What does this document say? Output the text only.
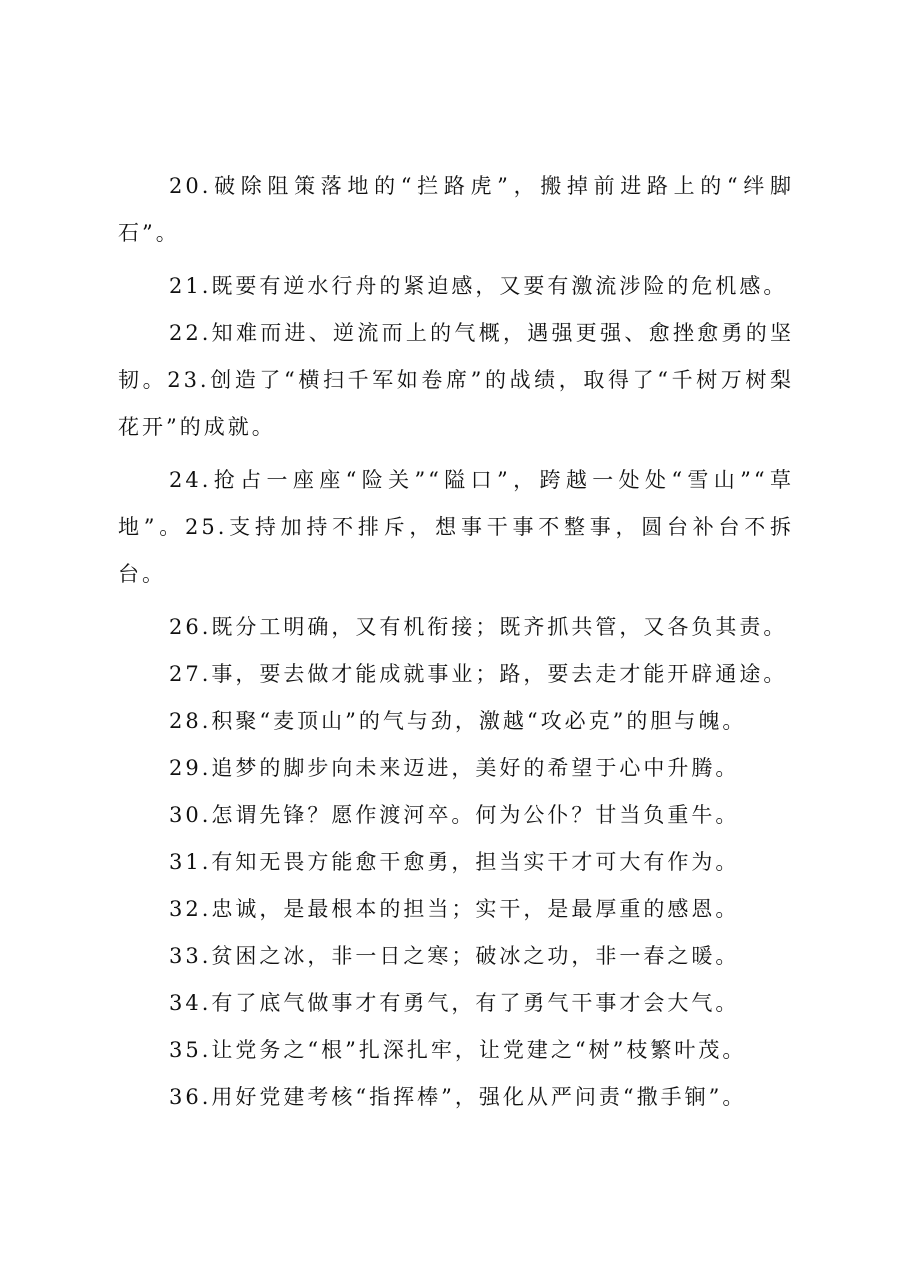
20.破除阻策落地的“拦路虎”，搬掉前进路上的“绊脚石”。

21.既要有逆水行舟的紧迫感，又要有激流涉险的危机感。

22.知难而进、逆流而上的气概，遇强更强、愈挫愈勇的坚韧。23.创造了“横扫千军如卷席”的战绩，取得了“千树万树梨花开”的成就。

24.抢占一座座“险关”“隘口”，跨越一处处“雪山”“草地”。25.支持加持不排斥，想事干事不整事，圆台补台不拆台。

26.既分工明确，又有机衔接；既齐抓共管，又各负其责。

27.事，要去做才能成就事业；路，要去走才能开辟通途。

28.积聚“麦顶山”的气与劲，激越“攻必克”的胆与魄。

29.追梦的脚步向未来迈进，美好的希望于心中升腾。

30.怎谓先锋？愿作渡河卒。何为公仆？甘当负重牛。

31.有知无畏方能愈干愈勇，担当实干才可大有作为。

32.忠诚，是最根本的担当；实干，是最厚重的感恩。

33.贫困之冰，非一日之寒；破冰之功，非一春之暖。

34.有了底气做事才有勇气，有了勇气干事才会大气。

35.让党务之“根”扎深扎牢，让党建之“树”枝繁叶茂。

36.用好党建考核“指挥棒”，强化从严问责“撒手锏”。
